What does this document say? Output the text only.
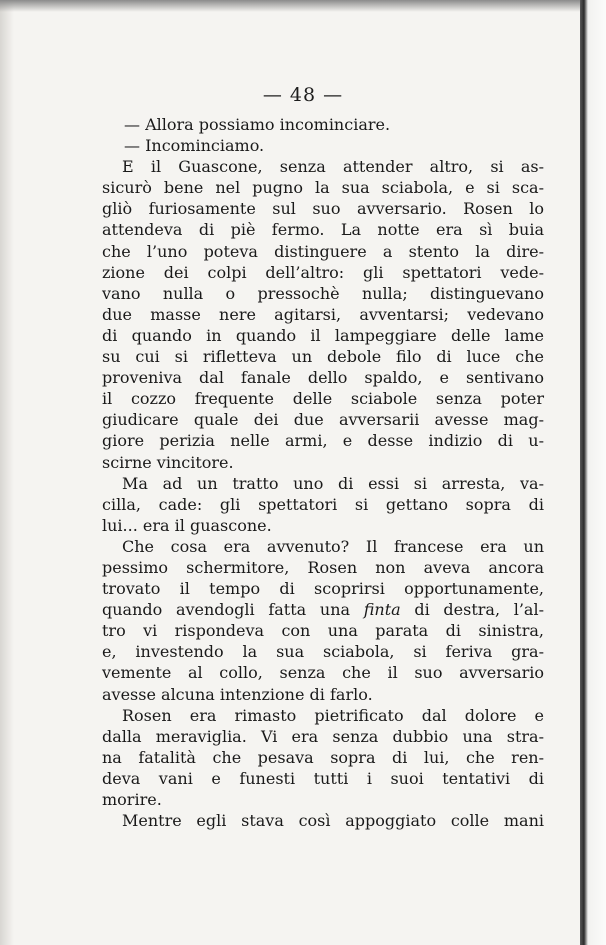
— 48 —
— Allora possiamo incominciare.
— Incominciamo.
E il Guascone, senza attender altro, si as-
sicurò bene nel pugno la sua sciabola, e si sca-
gliò furiosamente sul suo avversario. Rosen lo
attendeva di piè fermo. La notte era sì buia
che l’uno poteva distinguere a stento la dire-
zione dei colpi dell’altro: gli spettatori vede-
vano nulla o pressochè nulla; distinguevano
due masse nere agitarsi, avventarsi; vedevano
di quando in quando il lampeggiare delle lame
su cui si rifletteva un debole filo di luce che
proveniva dal fanale dello spaldo, e sentivano
il cozzo frequente delle sciabole senza poter
giudicare quale dei due avversarii avesse mag-
giore perizia nelle armi, e desse indizio di u-
scirne vincitore.
Ma ad un tratto uno di essi si arresta, va-
cilla, cade: gli spettatori si gettano sopra di
lui... era il guascone.
Che cosa era avvenuto? Il francese era un
pessimo schermitore, Rosen non aveva ancora
trovato il tempo di scoprirsi opportunamente,
quando avendogli fatta una finta di destra, l’al-
tro vi rispondeva con una parata di sinistra,
e, investendo la sua sciabola, si feriva gra-
vemente al collo, senza che il suo avversario
avesse alcuna intenzione di farlo.
Rosen era rimasto pietrificato dal dolore e
dalla meraviglia. Vi era senza dubbio una stra-
na fatalità che pesava sopra di lui, che ren-
deva vani e funesti tutti i suoi tentativi di
morire.
Mentre egli stava così appoggiato colle mani
